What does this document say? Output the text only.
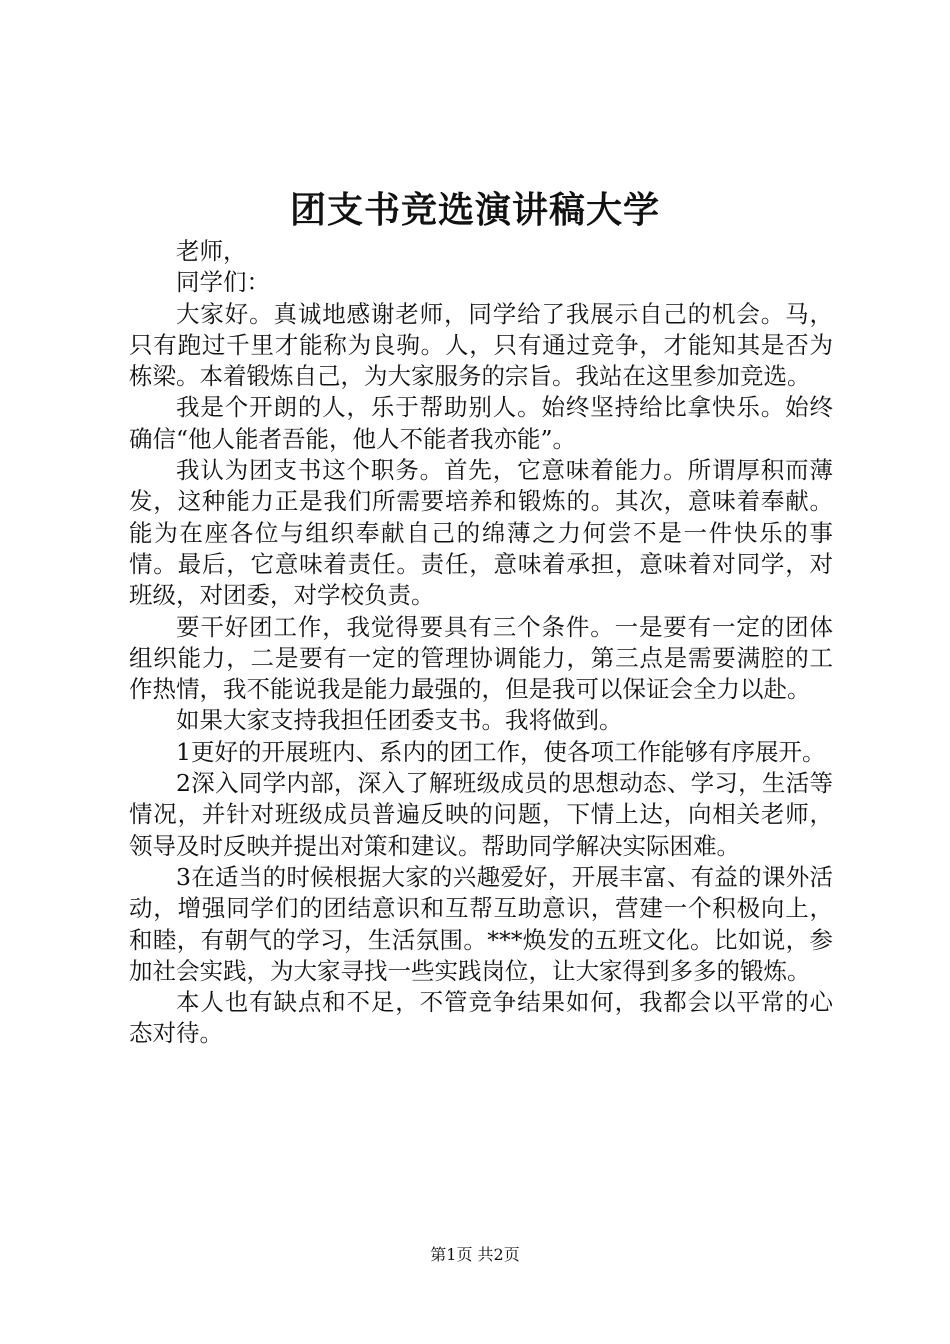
团支书竞选演讲稿大学

老师，

同学们：

大家好。真诚地感谢老师，同学给了我展示自己的机会。马，只有跑过千里才能称为良驹。人，只有通过竞争，才能知其是否为栋梁。本着锻炼自己，为大家服务的宗旨。我站在这里参加竞选。

我是个开朗的人，乐于帮助别人。始终坚持给比拿快乐。始终确信“他人能者吾能，他人不能者我亦能”。

我认为团支书这个职务。首先，它意味着能力。所谓厚积而薄发，这种能力正是我们所需要培养和锻炼的。其次，意味着奉献。能为在座各位与组织奉献自己的绵薄之力何尝不是一件快乐的事情。最后，它意味着责任。责任，意味着承担，意味着对同学，对班级，对团委，对学校负责。

要干好团工作，我觉得要具有三个条件。一是要有一定的团体组织能力，二是要有一定的管理协调能力，第三点是需要满腔的工作热情，我不能说我是能力最强的，但是我可以保证会全力以赴。

如果大家支持我担任团委支书。我将做到。

1更好的开展班内、系内的团工作，使各项工作能够有序展开。

2深入同学内部，深入了解班级成员的思想动态、学习，生活等情况，并针对班级成员普遍反映的问题，下情上达，向相关老师，领导及时反映并提出对策和建议。帮助同学解决实际困难。

3在适当的时候根据大家的兴趣爱好，开展丰富、有益的课外活动，增强同学们的团结意识和互帮互助意识，营建一个积极向上，和睦，有朝气的学习，生活氛围。***焕发的五班文化。比如说，参加社会实践，为大家寻找一些实践岗位，让大家得到多多的锻炼。

本人也有缺点和不足，不管竞争结果如何，我都会以平常的心态对待。

第1页 共2页
